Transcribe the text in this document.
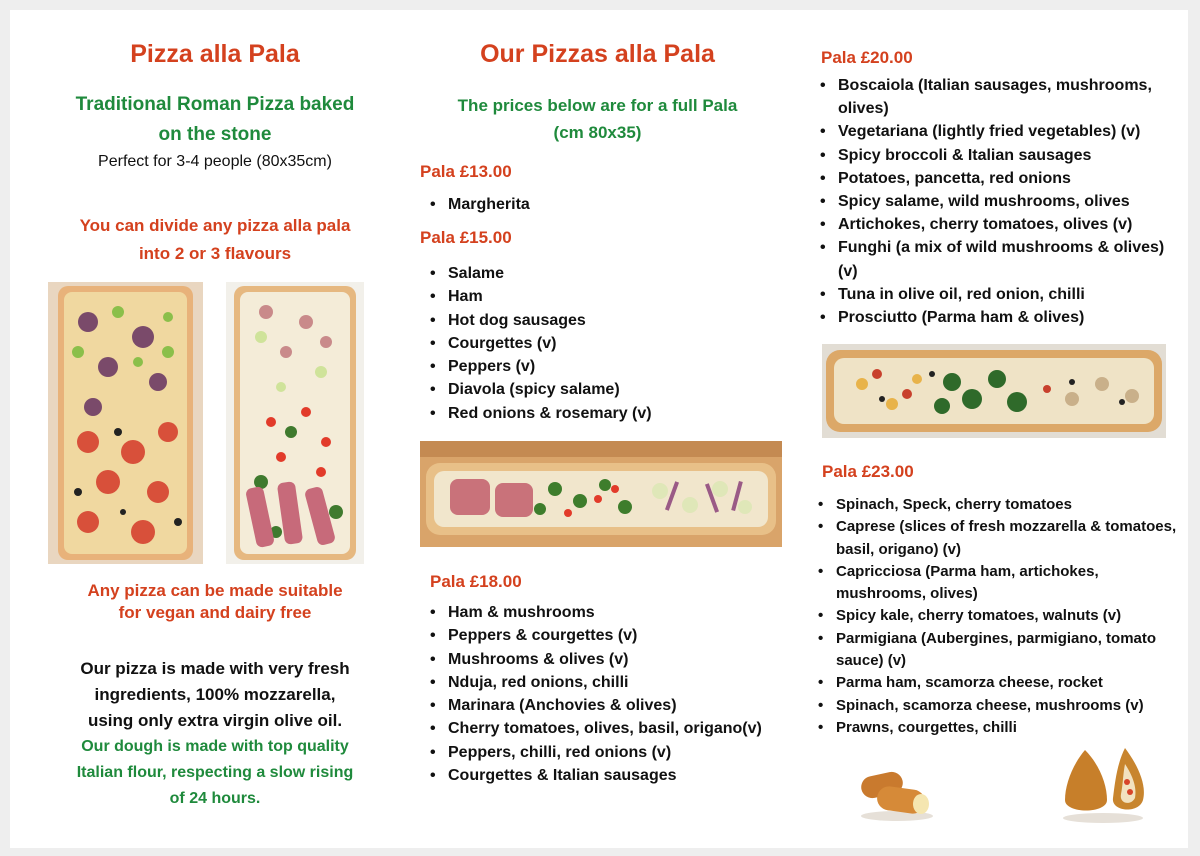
Pizza alla Pala
Traditional Roman Pizza baked
on the stone
Perfect for 3-4 people (80x35cm)
You can divide any pizza alla pala
into 2 or 3 flavours
Any pizza can be made suitable
for vegan and dairy free
Our pizza is made with very fresh
ingredients, 100% mozzarella,
using only extra virgin olive oil.
Our dough is made with top quality
Italian flour, respecting a slow rising
of 24 hours.
Our Pizzas alla Pala
The prices below are for a full Pala
(cm 80x35)
Pala £13.00
• Margherita
Pala £15.00
• Salame
• Ham
• Hot dog sausages
• Courgettes (v)
• Peppers (v)
• Diavola (spicy salame)
• Red onions & rosemary (v)
Pala £18.00
• Ham & mushrooms
• Peppers & courgettes (v)
• Mushrooms & olives (v)
• Nduja, red onions, chilli
• Marinara (Anchovies & olives)
• Cherry tomatoes, olives, basil, origano(v)
• Peppers, chilli, red onions (v)
• Courgettes & Italian sausages
Pala £20.00
• Boscaiola (Italian sausages, mushrooms, olives)
• Vegetariana (lightly fried vegetables) (v)
• Spicy broccoli & Italian sausages
• Potatoes, pancetta, red onions
• Spicy salame, wild mushrooms, olives
• Artichokes, cherry tomatoes, olives (v)
• Funghi (a mix of wild mushrooms & olives) (v)
• Tuna in olive oil, red onion, chilli
• Prosciutto (Parma ham & olives)
Pala £23.00
• Spinach, Speck, cherry tomatoes
• Caprese (slices of fresh mozzarella & tomatoes, basil, origano) (v)
• Capricciosa (Parma ham, artichokes, mushrooms, olives)
• Spicy kale, cherry tomatoes, walnuts (v)
• Parmigiana (Aubergines, parmigiano, tomato sauce) (v)
• Parma ham, scamorza cheese, rocket
• Spinach, scamorza cheese, mushrooms (v)
• Prawns, courgettes, chilli
